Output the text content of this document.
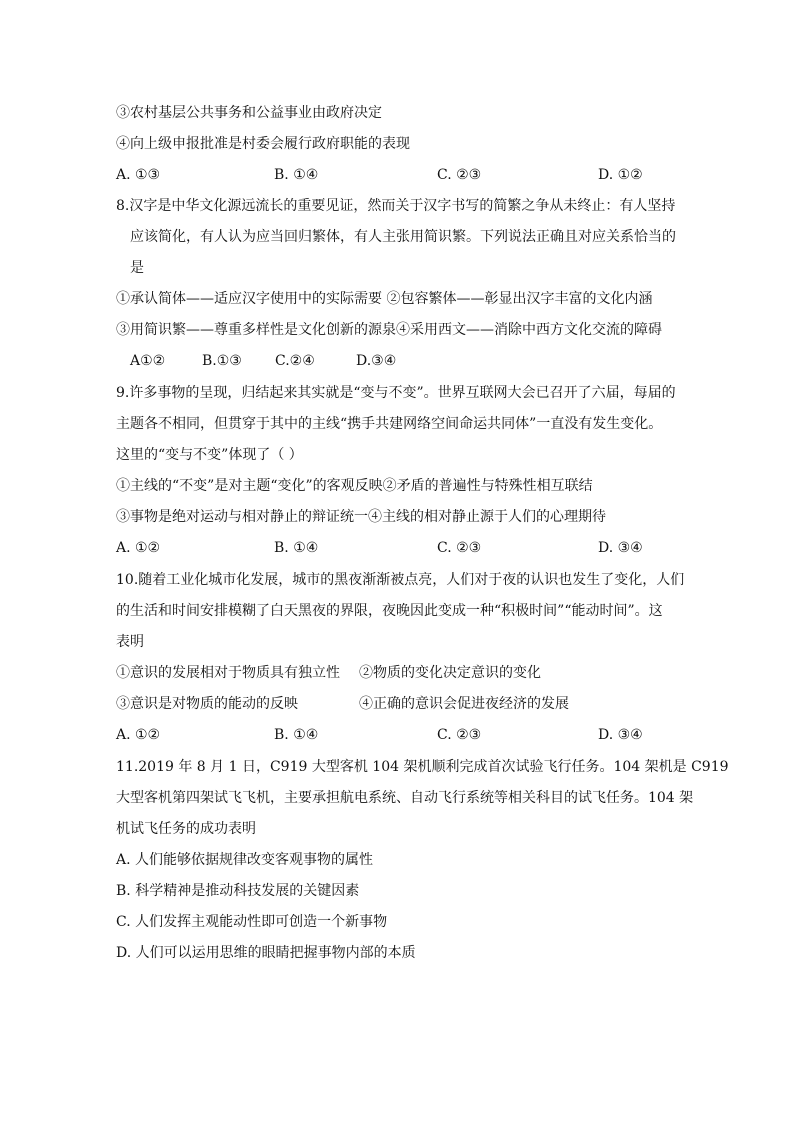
③农村基层公共事务和公益事业由政府决定
④向上级申报批准是村委会履行政府职能的表现
A. ①③	B. ①④	C. ②③	D. ①②
8.汉字是中华文化源远流长的重要见证，然而关于汉字书写的简繁之争从未终止：有人坚持
应该简化，有人认为应当回归繁体，有人主张用简识繁。下列说法正确且对应关系恰当的
是
①承认简体——适应汉字使用中的实际需要 ②包容繁体——彰显出汉字丰富的文化内涵
③用简识繁——尊重多样性是文化创新的源泉④采用西文——消除中西方文化交流的障碍
A①②	B.①③ C.②④	D.③④
9.许多事物的呈现，归结起来其实就是“变与不变”。世界互联网大会已召开了六届，每届的
主题各不相同，但贯穿于其中的主线“携手共建网络空间命运共同体”一直没有发生变化。
这里的“变与不变”体现了（ ）
①主线的“不变”是对主题“变化”的客观反映②矛盾的普遍性与特殊性相互联结
③事物是绝对运动与相对静止的辩证统一④主线的相对静止源于人们的心理期待
A. ①②	B. ①④	C. ②③	D. ③④
10.随着工业化城市化发展，城市的黑夜渐渐被点亮，人们对于夜的认识也发生了变化，人们
的生活和时间安排模糊了白天黑夜的界限，夜晚因此变成一种“积极时间”“能动时间”。这
表明
①意识的发展相对于物质具有独立性 ②物质的变化决定意识的变化
③意识是对物质的能动的反映	④正确的意识会促进夜经济的发展
A. ①②	B. ①④	C. ②③	D. ③④
11.2019 年 8 月 1 日，C919 大型客机 104 架机顺利完成首次试验飞行任务。104 架机是 C919
大型客机第四架试飞飞机，主要承担航电系统、自动飞行系统等相关科目的试飞任务。104 架
机试飞任务的成功表明
A. 人们能够依据规律改变客观事物的属性
B. 科学精神是推动科技发展的关键因素
C. 人们发挥主观能动性即可创造一个新事物
D. 人们可以运用思维的眼睛把握事物内部的本质
